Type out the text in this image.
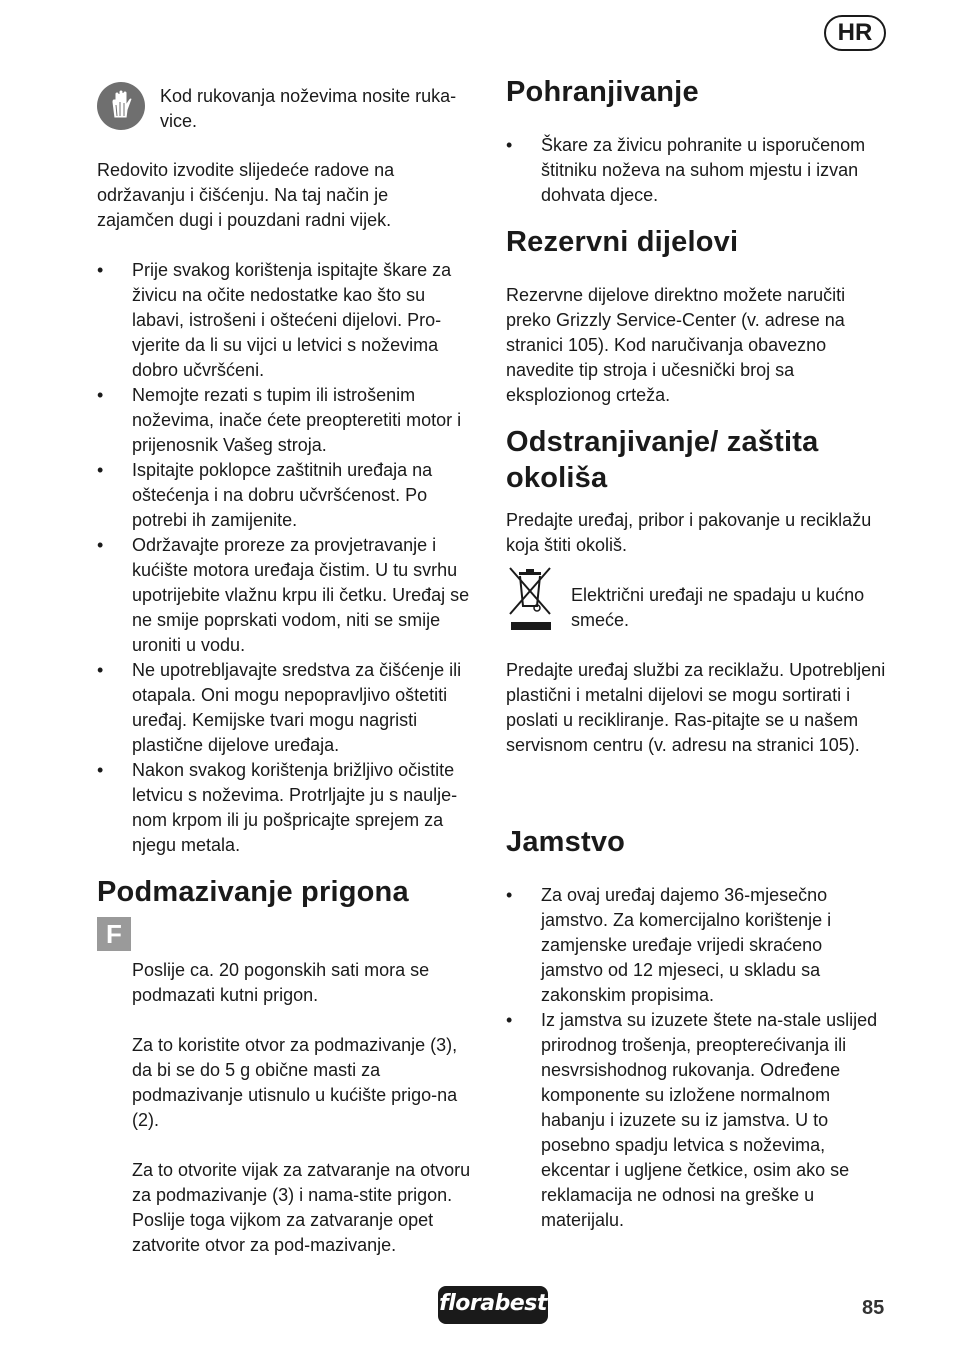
HR

Kod rukovanja noževima nosite ruka-vice.

Redovito izvodite slijedeće radove na održavanju i čišćenju. Na taj način je zajamčen dugi i pouzdani radni vijek.

• Prije svakog korištenja ispitajte škare za živicu na očite nedostatke kao što su labavi, istrošeni i oštećeni dijelovi. Pro-vjerite da li su vijci u letvici s noževima dobro učvršćeni.
• Nemojte rezati s tupim ili istrošenim noževima, inače ćete preopteretiti motor i prijenosnik Vašeg stroja.
• Ispitajte poklopce zaštitnih uređaja na oštećenja i na dobru učvršćenost. Po potrebi ih zamijenite.
• Održavajte proreze za provjetravanje i kućište motora uređaja čistim. U tu svrhu upotrijebite vlažnu krpu ili četku. Uređaj se ne smije poprskati vodom, niti se smije uroniti u vodu.
• Ne upotrebljavajte sredstva za čišćenje ili otapala. Oni mogu nepopravljivo oštetiti uređaj. Kemijske tvari mogu nagristi plastične dijelove uređaja.
• Nakon svakog korištenja brižljivo očistite letvicu s noževima. Protrljajte ju s naulje-nom krpom ili ju pošpricajte sprejem za njegu metala.
Podmazivanje prigona
F

Poslije ca. 20 pogonskih sati mora se podmazati kutni prigon.

Za to koristite otvor za podmazivanje (3), da bi se do 5 g obične masti za podmazivanje utisnulo u kućište prigo-na (2).

Za to otvorite vijak za zatvaranje na otvoru za podmazivanje (3) i nama-stite prigon. Poslije toga vijkom za zatvaranje opet zatvorite otvor za pod-mazivanje.

Pohranjivanje
• Škare za živicu pohranite u isporučenom štitniku noževa na suhom mjestu i izvan dohvata djece.
Rezervni dijelovi

Rezervne dijelove direktno možete naručiti preko Grizzly Service-Center (v. adrese na stranici 105). Kod naručivanja obavezno navedite tip stroja i učesnički broj sa eksplozionog crteža.

Odstranjivanje/ zaštita
okoliša

Predajte uređaj, pribor i pakovanje u reciklažu koja štiti okoliš.

Električni uređaji ne spadaju u kućno smeće.

Predajte uređaj službi za reciklažu. Upotrebljeni plastični i metalni dijelovi se mogu sortirati i poslati u recikliranje. Ras-pitajte se u našem servisnom centru (v. adresu na stranici 105).

Jamstvo
• Za ovaj uređaj dajemo 36-mjesečno jamstvo. Za komercijalno korištenje i zamjenske uređaje vrijedi skraćeno jamstvo od 12 mjeseci, u skladu sa zakonskim propisima.
• Iz jamstva su izuzete štete na-stale uslijed prirodnog trošenja, preopterećivanja ili nesvrsishodnog rukovanja. Određene komponente su izložene normalnom habanju i izuzete su iz jamstva. U to posebno spadju letvica s noževima, ekcentar i ugljene četkice, osim ako se reklamacija ne odnosi na greške u materijalu.
florabest	85
